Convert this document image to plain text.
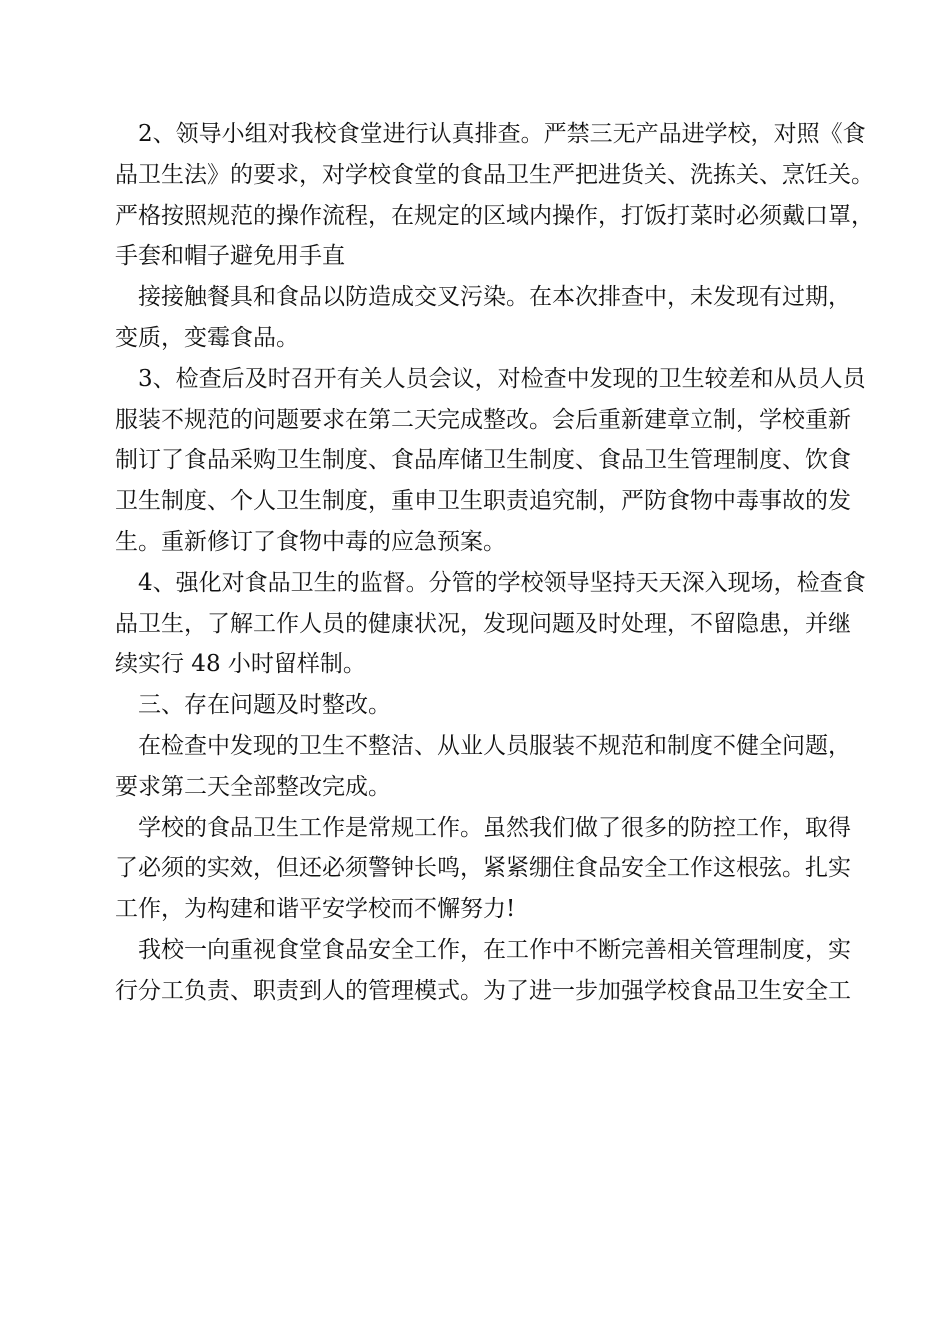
2、领导小组对我校食堂进行认真排查。严禁三无产品进学校，对照《食
品卫生法》的要求，对学校食堂的食品卫生严把进货关、洗拣关、烹饪关。
严格按照规范的操作流程，在规定的区域内操作，打饭打菜时必须戴口罩，
手套和帽子避免用手直

接接触餐具和食品以防造成交叉污染。在本次排查中，未发现有过期，
变质，变霉食品。

3、检查后及时召开有关人员会议，对检查中发现的卫生较差和从员人员
服装不规范的问题要求在第二天完成整改。会后重新建章立制，学校重新
制订了食品采购卫生制度、食品库储卫生制度、食品卫生管理制度、饮食
卫生制度、个人卫生制度，重申卫生职责追究制，严防食物中毒事故的发
生。重新修订了食物中毒的应急预案。

4、强化对食品卫生的监督。分管的学校领导坚持天天深入现场，检查食
品卫生，了解工作人员的健康状况，发现问题及时处理，不留隐患，并继
续实行 48 小时留样制。

三、存在问题及时整改。

在检查中发现的卫生不整洁、从业人员服装不规范和制度不健全问题，
要求第二天全部整改完成。

学校的食品卫生工作是常规工作。虽然我们做了很多的防控工作，取得
了必须的实效，但还必须警钟长鸣，紧紧绷住食品安全工作这根弦。扎实
工作，为构建和谐平安学校而不懈努力!

我校一向重视食堂食品安全工作，在工作中不断完善相关管理制度，实
行分工负责、职责到人的管理模式。为了进一步加强学校食品卫生安全工
